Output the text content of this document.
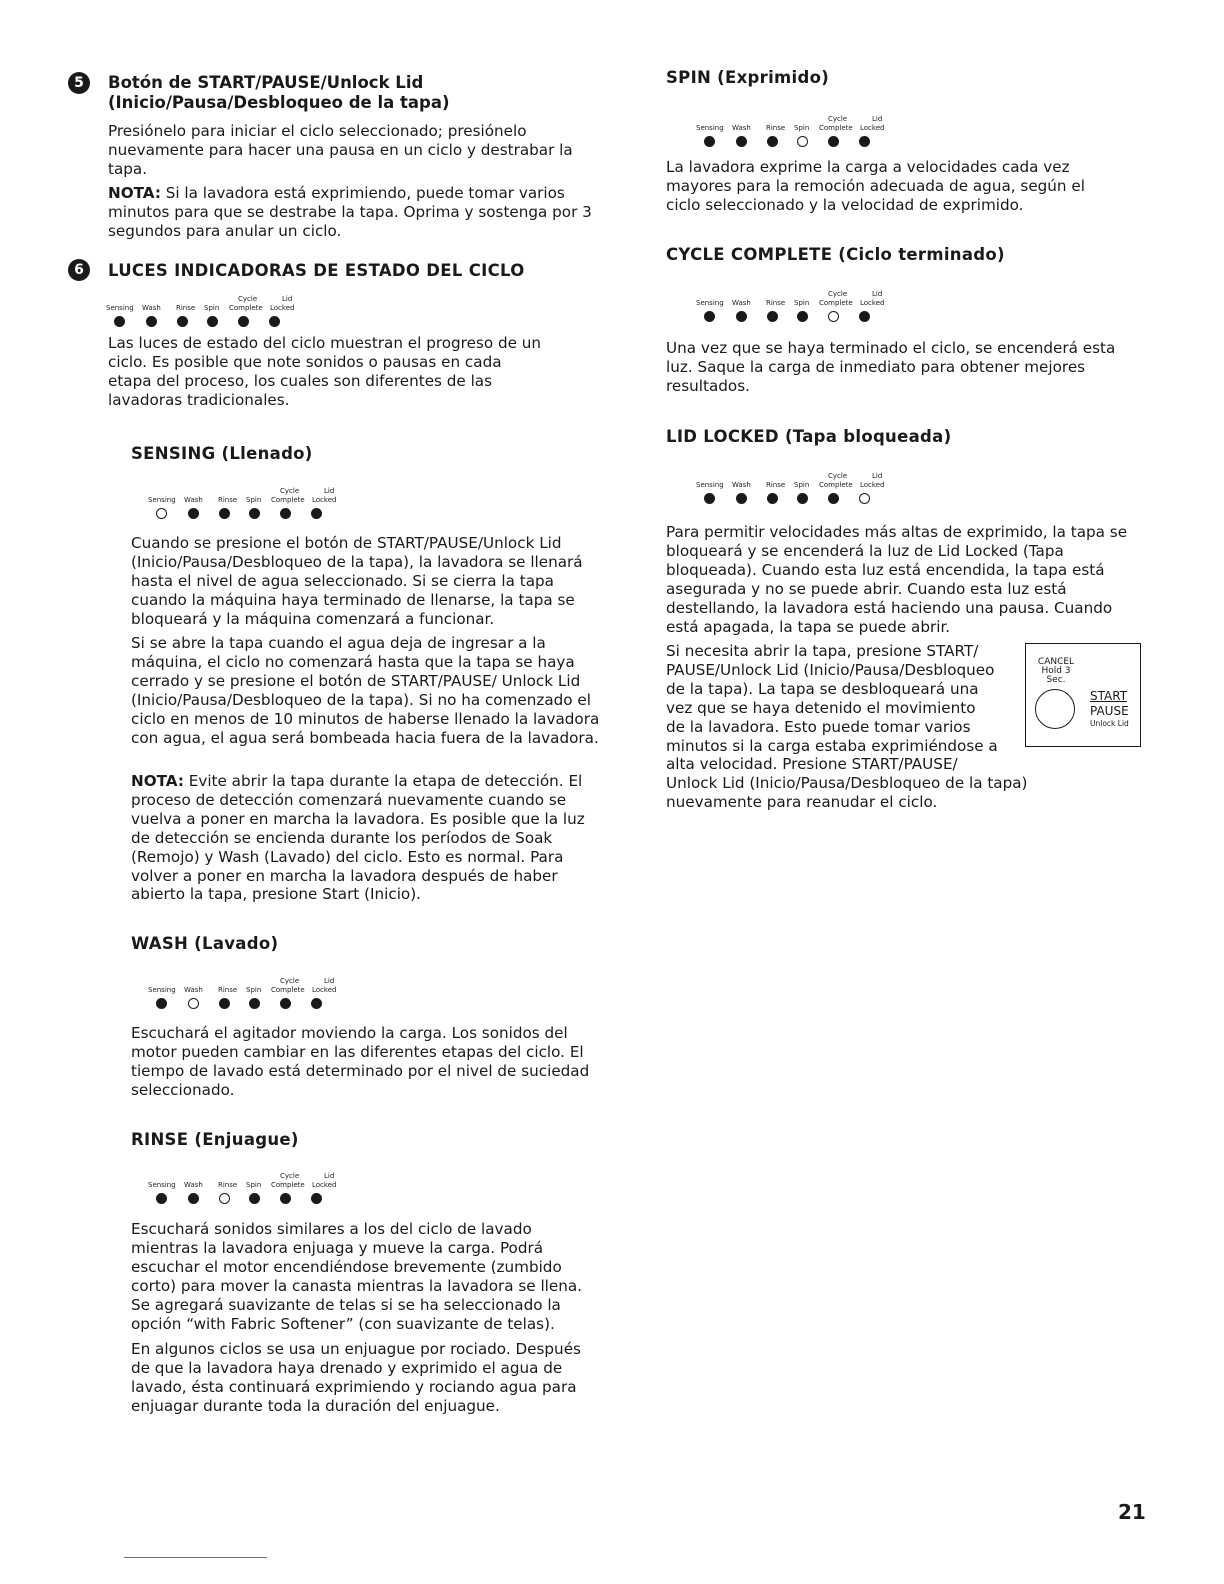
5	Botón de START/PAUSE/Unlock Lid
(Inicio/Pausa/Desbloqueo de la tapa)

Presiónelo para iniciar el ciclo seleccionado; presiónelo nuevamente para hacer una pausa en un ciclo y destrabar la tapa.

NOTA: Si la lavadora está exprimiendo, puede tomar varios minutos para que se destrabe la tapa. Oprima y sostenga por 3 segundos para anular un ciclo.

6	LUCES INDICADORAS DE ESTADO DEL CICLO
Sensing Wash Rinse Spin
Cycle
Complete
Lid
Locked

Las luces de estado del ciclo muestran el progreso de un ciclo. Es posible que note sonidos o pausas en cada etapa del proceso, los cuales son diferentes de las lavadoras tradicionales.

SENSING (Llenado)
Sensing Wash Rinse Spin
Cycle
Complete
Lid
Locked

Cuando se presione el botón de START/PAUSE/Unlock Lid (Inicio/Pausa/Desbloqueo de la tapa), la lavadora se llenará hasta el nivel de agua seleccionado. Si se cierra la tapa cuando la máquina haya terminado de llenarse, la tapa se bloqueará y la máquina comenzará a funcionar.

Si se abre la tapa cuando el agua deja de ingresar a la máquina, el ciclo no comenzará hasta que la tapa se haya cerrado y se presione el botón de START/PAUSE/ Unlock Lid (Inicio/Pausa/Desbloqueo de la tapa). Si no ha comenzado el ciclo en menos de 10 minutos de haberse llenado la lavadora con agua, el agua será bombeada hacia fuera de la lavadora.

NOTA: Evite abrir la tapa durante la etapa de detección. El proceso de detección comenzará nuevamente cuando se vuelva a poner en marcha la lavadora. Es posible que la luz de detección se encienda durante los períodos de Soak (Remojo) y Wash (Lavado) del ciclo. Esto es normal. Para volver a poner en marcha la lavadora después de haber abierto la tapa, presione Start (Inicio).

WASH (Lavado)
Sensing Wash Rinse Spin
Cycle
Complete
Lid
Locked

Escuchará el agitador moviendo la carga. Los sonidos del motor pueden cambiar en las diferentes etapas del ciclo. El tiempo de lavado está determinado por el nivel de suciedad seleccionado.

RINSE (Enjuague)
Sensing Wash Rinse Spin
Cycle
Complete
Lid
Locked

Escuchará sonidos similares a los del ciclo de lavado mientras la lavadora enjuaga y mueve la carga. Podrá escuchar el motor encendiéndose brevemente (zumbido corto) para mover la canasta mientras la lavadora se llena. Se agregará suavizante de telas si se ha seleccionado la opción “with Fabric Softener” (con suavizante de telas).

En algunos ciclos se usa un enjuague por rociado. Después de que la lavadora haya drenado y exprimido el agua de lavado, ésta continuará exprimiendo y rociando agua para enjuagar durante toda la duración del enjuague.

SPIN (Exprimido)
Sensing Wash Rinse Spin
Cycle
Complete
Lid
Locked

La lavadora exprime la carga a velocidades cada vez mayores para la remoción adecuada de agua, según el ciclo seleccionado y la velocidad de exprimido.

CYCLE COMPLETE (Ciclo terminado)
Sensing Wash Rinse Spin
Cycle
Complete
Lid
Locked

Una vez que se haya terminado el ciclo, se encenderá esta luz. Saque la carga de inmediato para obtener mejores resultados.

LID LOCKED (Tapa bloqueada)
Sensing Wash Rinse Spin
Cycle
Complete
Lid
Locked

Para permitir velocidades más altas de exprimido, la tapa se bloqueará y se encenderá la luz de Lid Locked (Tapa bloqueada). Cuando esta luz está encendida, la tapa está asegurada y no se puede abrir. Cuando esta luz está destellando, la lavadora está haciendo una pausa. Cuando está apagada, la tapa se puede abrir.

Si necesita abrir la tapa, presione START/

PAUSE/Unlock Lid (Inicio/Pausa/Desbloqueo

de la tapa). La tapa se desbloqueará una

vez que se haya detenido el movimiento

de la lavadora. Esto puede tomar varios

minutos si la carga estaba exprimiéndose a

alta velocidad. Presione START/PAUSE/

Unlock Lid (Inicio/Pausa/Desbloqueo de la tapa)

nuevamente para reanudar el ciclo.

CANCEL
Hold 3 Sec.
START
PAUSE
Unlock Lid
21
